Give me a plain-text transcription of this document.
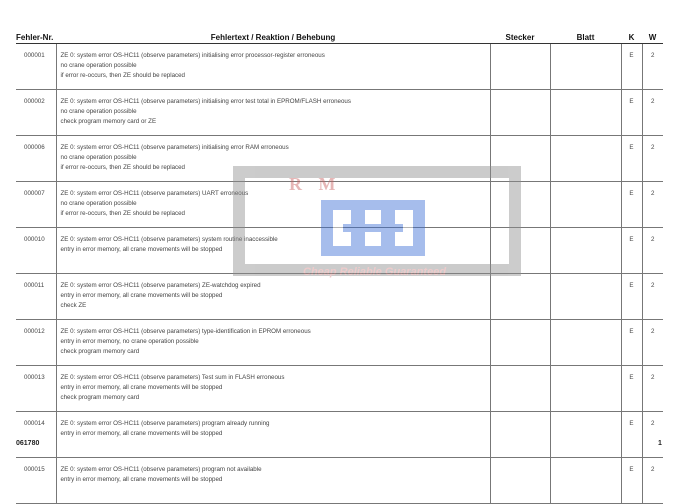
Fehler-Nr.	Fehlertext / Reaktion / Behebung	Stecker	Blatt	K	W
000001	ZE 0: system error OS-HC11 (observe parameters) initialising error processor-register erroneous
no crane operation possible
if error re-occurs, then ZE should be replaced			E	2
000002	ZE 0: system error OS-HC11 (observe parameters) initialising error test total in EPROM/FLASH erroneous
no crane operation possible
check program memory card or ZE			E	2
000006	ZE 0: system error OS-HC11 (observe parameters) initialising error RAM erroneous
no crane operation possible
if error re-occurs, then ZE should be replaced			E	2
000007	ZE 0: system error OS-HC11 (observe parameters) UART erroneous
no crane operation possible
if error re-occurs, then ZE should be replaced			E	2
000010	ZE 0: system error OS-HC11 (observe parameters) system routine inaccessible
entry in error memory, all crane movements will be stopped			E	2
000011	ZE 0: system error OS-HC11 (observe parameters) ZE-watchdog expired
entry in error memory, all crane movements will be stopped
check ZE			E	2
000012	ZE 0: system error OS-HC11 (observe parameters) type-identification in EPROM erroneous
entry in error memory, no crane operation possible
check program memory card			E	2
000013	ZE 0: system error OS-HC11 (observe parameters) Test sum in FLASH erroneous
entry in error memory, all crane movements will be stopped
check program memory card			E	2
000014	ZE 0: system error OS-HC11 (observe parameters) program already running
entry in error memory, all crane movements will be stopped			E	2
000015	ZE 0: system error OS-HC11 (observe parameters) program not available
entry in error memory, all crane movements will be stopped			E	2
061780	1
R M
Cheap Reliable Guaranteed
